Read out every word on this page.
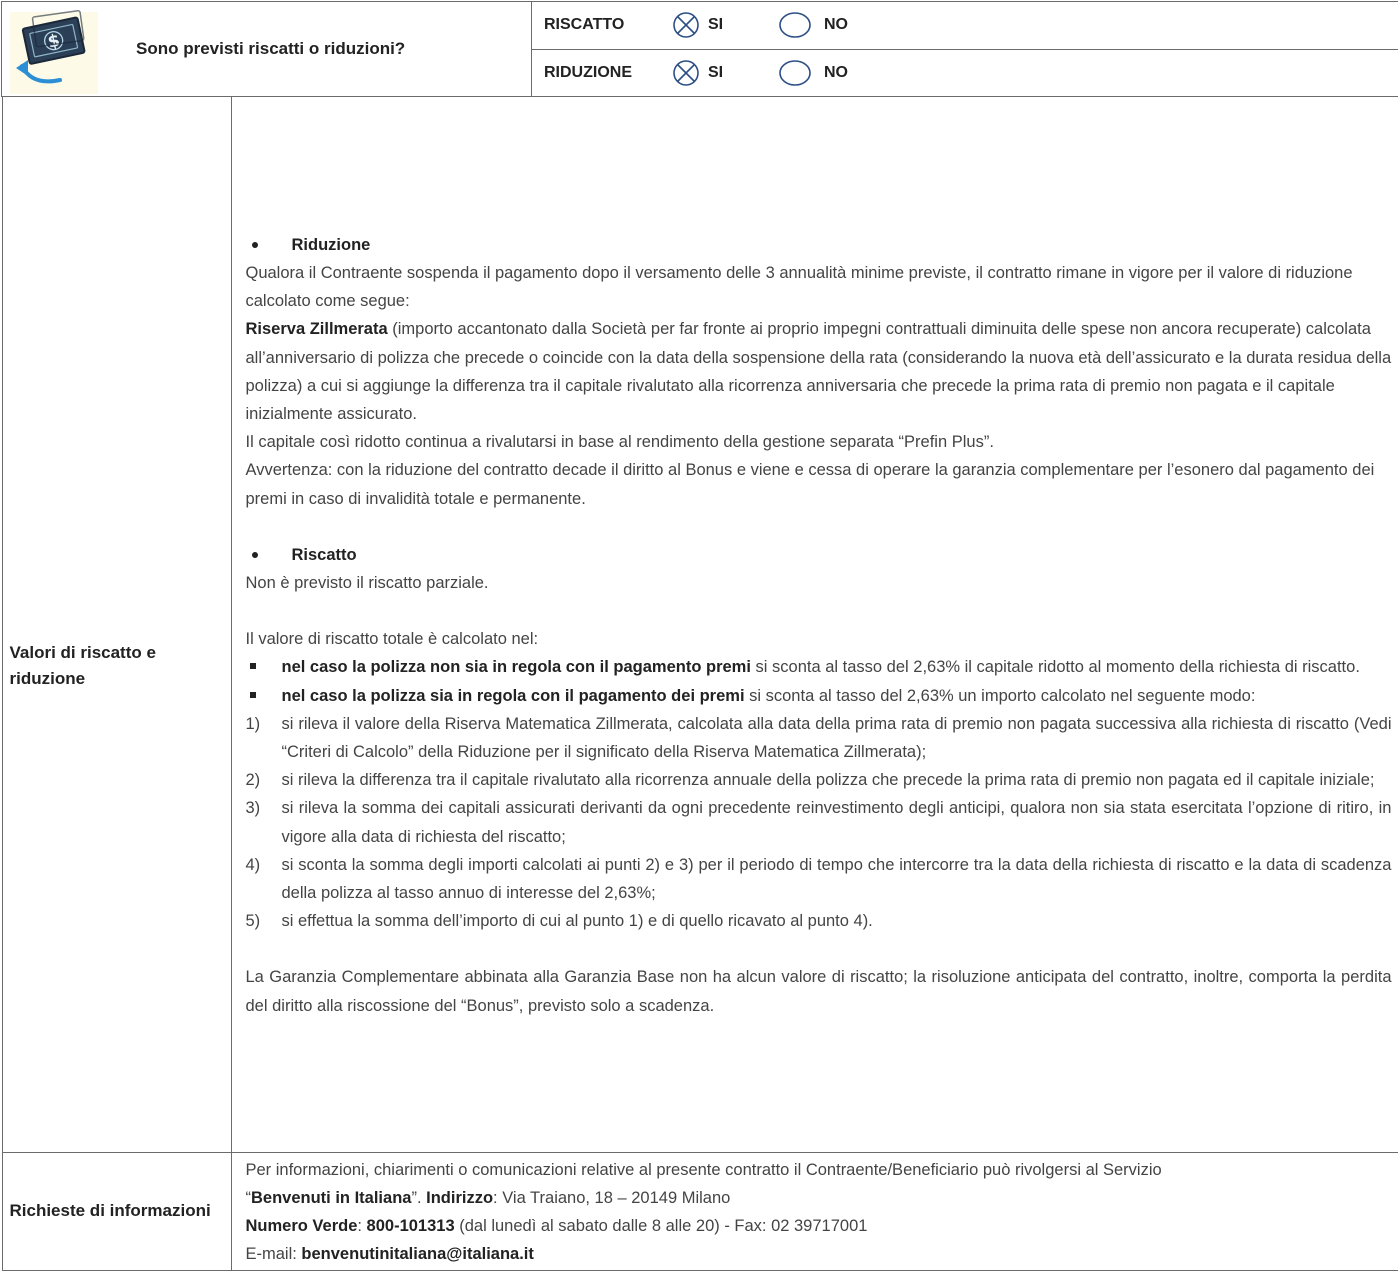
$	Sono previsti riscatti o riduzioni?

RISCATTO	SI	NO

RIDUZIONE	SI	NO

Valori di riscatto e riduzione

Riduzione
Qualora il Contraente sospenda il pagamento dopo il versamento delle 3 annualità minime previste, il contratto rimane in vigore per il valore di riduzione calcolato come segue:
Riserva Zillmerata (importo accantonato dalla Società per far fronte ai proprio impegni contrattuali diminuita delle spese non ancora recuperate) calcolata all’anniversario di polizza che precede o coincide con la data della sospensione della rata (considerando la nuova età dell’assicurato e la durata residua della polizza) a cui si aggiunge la differenza tra il capitale rivalutato alla ricorrenza anniversaria che precede la prima rata di premio non pagata e il capitale inizialmente assicurato.
Il capitale così ridotto continua a rivalutarsi in base al rendimento della gestione separata “Prefin Plus”.
Avvertenza: con la riduzione del contratto decade il diritto al Bonus e viene e cessa di operare la garanzia complementare per l’esonero dal pagamento dei premi in caso di invalidità totale e permanente.
Riscatto
Non è previsto il riscatto parziale.
Il valore di riscatto totale è calcolato nel:
nel caso la polizza non sia in regola con il pagamento premi si sconta al tasso del 2,63% il capitale ridotto al momento della richiesta di riscatto.
nel caso la polizza sia in regola con il pagamento dei premi si sconta al tasso del 2,63% un importo calcolato nel seguente modo:
1)	si rileva il valore della Riserva Matematica Zillmerata, calcolata alla data della prima rata di premio non pagata successiva alla richiesta di riscatto (Vedi “Criteri di Calcolo” della Riduzione per il significato della Riserva Matematica Zillmerata);
2)	si rileva la differenza tra il capitale rivalutato alla ricorrenza annuale della polizza che precede la prima rata di premio non pagata ed il capitale iniziale;
3)	si rileva la somma dei capitali assicurati derivanti da ogni precedente reinvestimento degli anticipi, qualora non sia stata esercitata l’opzione di ritiro, in vigore alla data di richiesta del riscatto;
4)	si sconta la somma degli importi calcolati ai punti 2) e 3) per il periodo di tempo che intercorre tra la data della richiesta di riscatto e la data di scadenza della polizza al tasso annuo di interesse del 2,63%;
5)	si effettua la somma dell’importo di cui al punto 1) e di quello ricavato al punto 4).
La Garanzia Complementare abbinata alla Garanzia Base non ha alcun valore di riscatto; la risoluzione anticipata del contratto, inoltre, comporta la perdita del diritto alla riscossione del “Bonus”, previsto solo a scadenza.

Richieste di informazioni

Per informazioni, chiarimenti o comunicazioni relative al presente contratto il Contraente/Beneficiario può rivolgersi al Servizio
“Benvenuti in Italiana”. Indirizzo: Via Traiano, 18 – 20149 Milano
Numero Verde: 800-101313 (dal lunedì al sabato dalle 8 alle 20) - Fax: 02 39717001
E-mail: benvenutinitaliana@italiana.it
